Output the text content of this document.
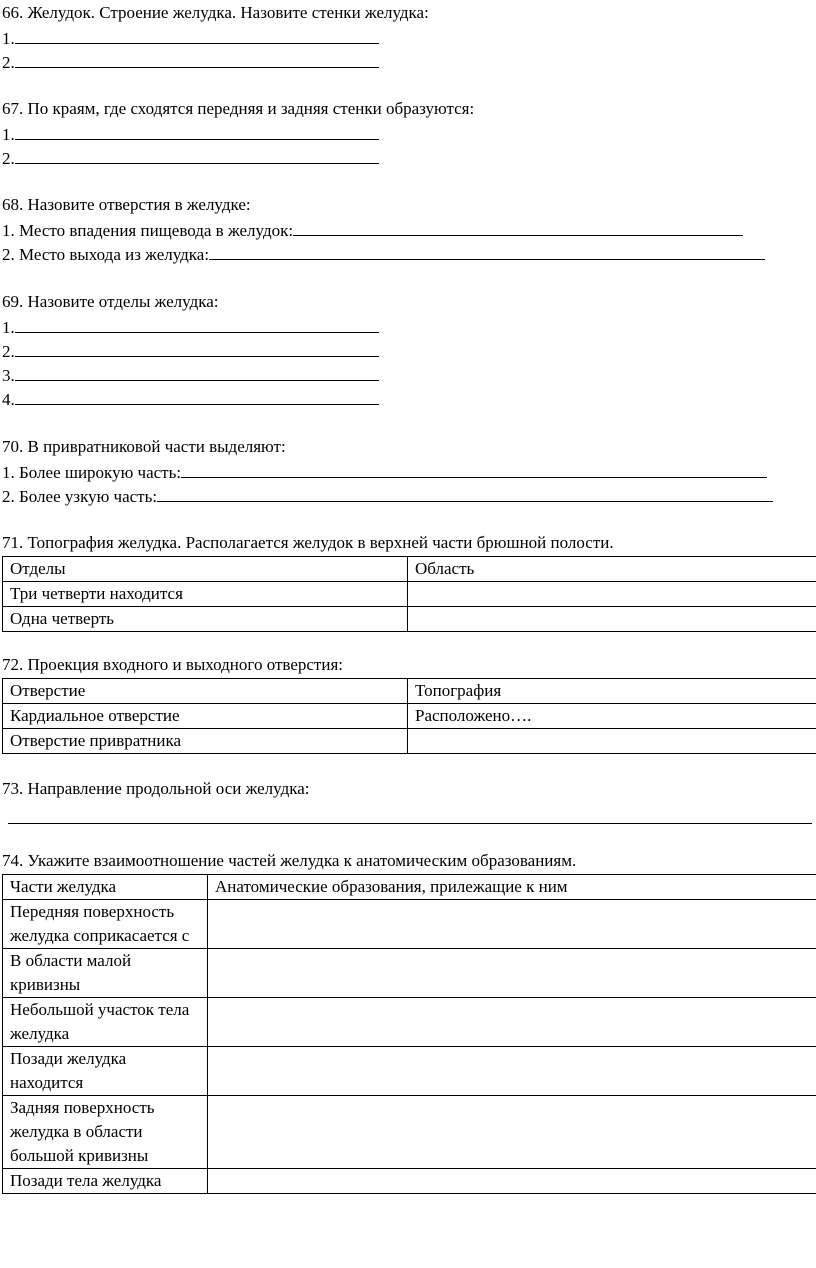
66. Желудок. Строение желудка. Назовите стенки желудка:
1.
2.
67. По краям, где сходятся передняя и задняя стенки образуются:
1.
2.
68. Назовите отверстия в желудке:
1. Место впадения пищевода в желудок:
2. Место выхода из желудка:
69. Назовите отделы желудка:
1.
2.
3.
4.
70. В привратниковой части выделяют:
1. Более широкую часть:
2. Более узкую часть:
71. Топография желудка. Располагается желудок в верхней части брюшной полости.
Отделы	Область
Три четверти находится	
Одна четверть	
72. Проекция входного и выходного отверстия:
Отверстие	Топография
Кардиальное отверстие	Расположено….
Отверстие привратника	
73. Направление продольной оси желудка:
74. Укажите взаимоотношение частей желудка к анатомическим образованиям.
Части желудка	Анатомические образования, прилежащие к ним
Передняя поверхность желудка соприкасается с	
В области малой кривизны	
Небольшой участок тела желудка	
Позади желудка находится	
Задняя поверхность желудка в области большой кривизны	
Позади тела желудка	
